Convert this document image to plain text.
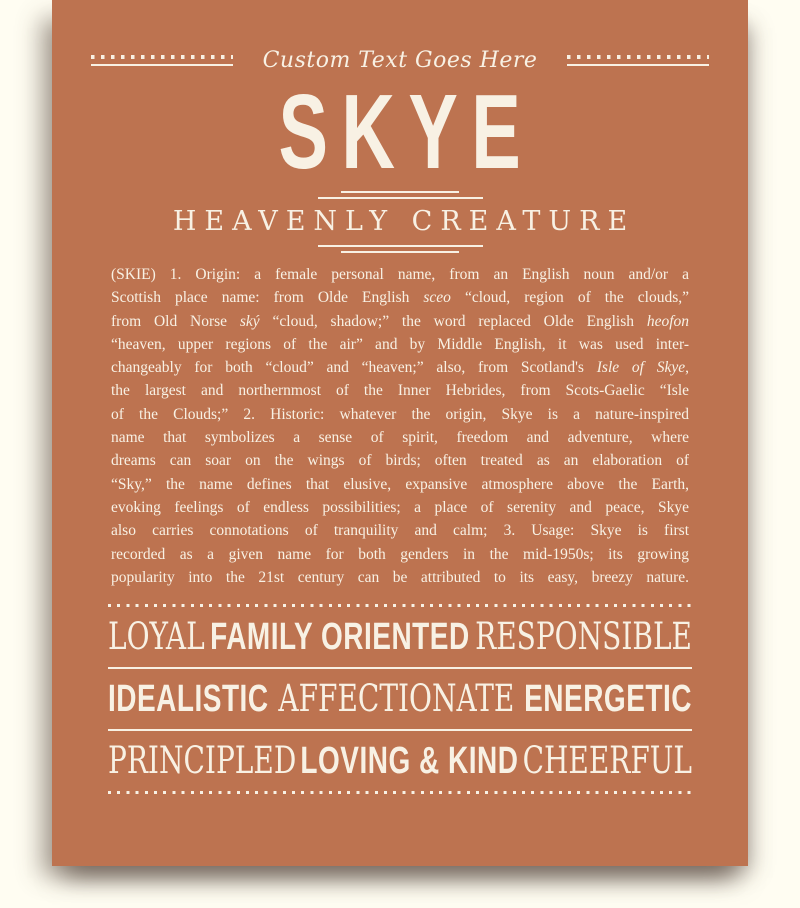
Custom Text Goes Here
SKYE
HEAVENLY CREATURE
(SKIE) 1. Origin: a female personal name, from an English noun and/or a
Scottish place name: from Olde English sceo “cloud, region of the clouds,”
from Old Norse ský “cloud, shadow;” the word replaced Olde English heofon
“heaven, upper regions of the air” and by Middle English, it was used inter-
changeably for both “cloud” and “heaven;” also, from Scotland's Isle of Skye,
the largest and northernmost of the Inner Hebrides, from Scots-Gaelic “Isle
of the Clouds;” 2. Historic: whatever the origin, Skye is a nature-inspired
name that symbolizes a sense of spirit, freedom and adventure, where
dreams can soar on the wings of birds; often treated as an elaboration of
“Sky,” the name defines that elusive, expansive atmosphere above the Earth,
evoking feelings of endless possibilities; a place of serenity and peace, Skye
also carries connotations of tranquility and calm; 3. Usage: Skye is first
recorded as a given name for both genders in the mid-1950s; its growing
popularity into the 21st century can be attributed to its easy, breezy nature.
LOYAL FAMILY ORIENTED RESPONSIBLE
IDEALISTIC AFFECTIONATE ENERGETIC
PRINCIPLED LOVING & KIND CHEERFUL
